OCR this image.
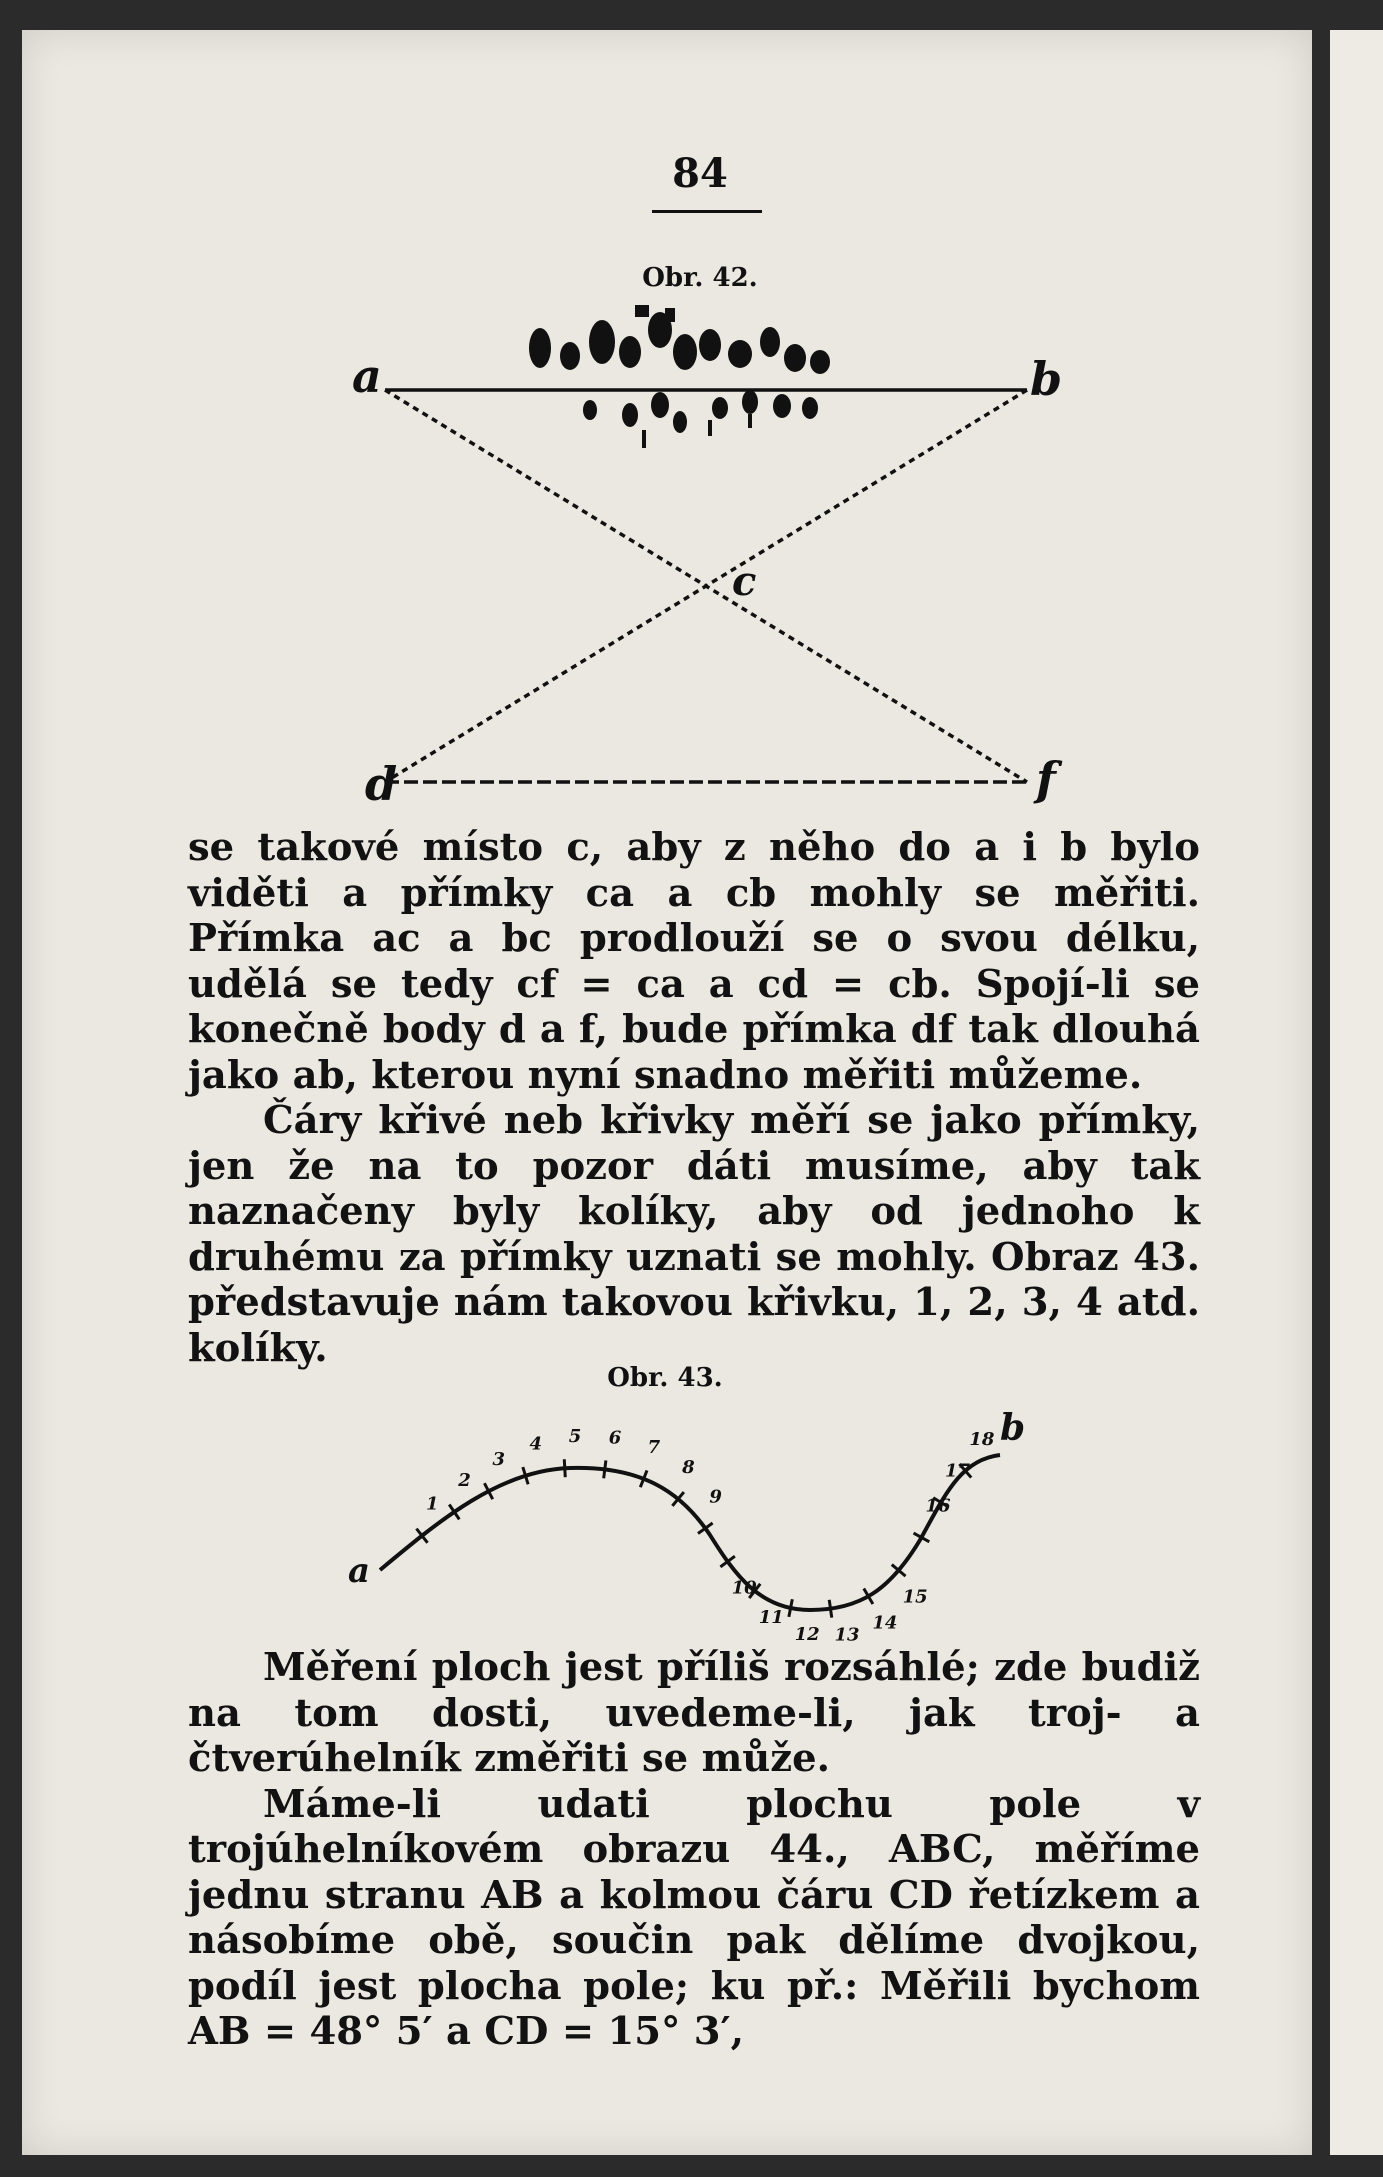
84
Obr. 42.
a	b
c
d	f

se takové místo c, aby z něho do a i b bylo viděti a přímky ca a cb mohly se měřiti. Přímka ac a bc prodlouží se o svou délku, udělá se tedy cf = ca a cd = cb. Spojí-li se konečně body d a f, bude přímka df tak dlouhá jako ab, kterou nyní snadno měřiti můžeme.

Čáry křivé neb křivky měří se jako přímky, jen že na to pozor dáti musíme, aby tak naznačeny byly kolíky, aby od jednoho k druhému za přímky uznati se mohly. Obraz 43. představuje nám takovou křivku, 1, 2, 3, 4 atd. kolíky.

Obr. 43.
1
2
3
4 5 6 7
8
9
10
11
12 13
14
15
16
17
18
a
b

Měření ploch jest příliš rozsáhlé; zde budiž na tom dosti, uvedeme-li, jak troj- a čtverúhelník změřiti se může.

Máme-li udati plochu pole v trojúhelníkovém obrazu 44., ABC, měříme jednu stranu AB a kolmou čáru CD řetízkem a násobíme obě, součin pak dělíme dvojkou, podíl jest plocha pole; ku př.: Měřili bychom AB = 48° 5′ a CD = 15° 3′,
